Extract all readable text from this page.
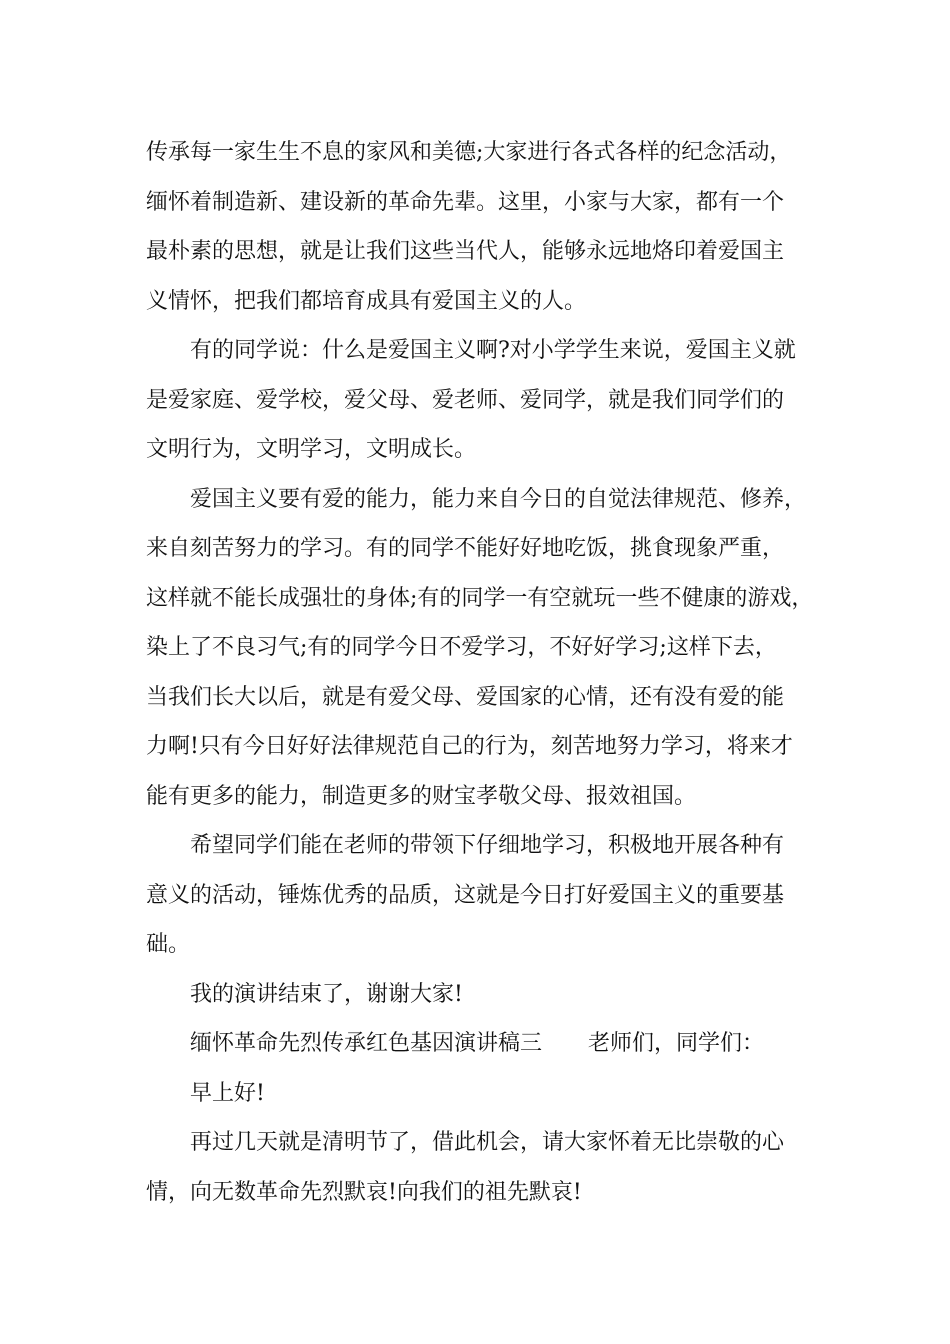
传承每一家生生不息的家风和美德;大家进行各式各样的纪念活动，
缅怀着制造新、建设新的革命先辈。这里，小家与大家，都有一个
最朴素的思想，就是让我们这些当代人，能够永远地烙印着爱国主
义情怀，把我们都培育成具有爱国主义的人。
有的同学说：什么是爱国主义啊?对小学学生来说，爱国主义就
是爱家庭、爱学校，爱父母、爱老师、爱同学，就是我们同学们的
文明行为，文明学习，文明成长。
爱国主义要有爱的能力，能力来自今日的自觉法律规范、修养，
来自刻苦努力的学习。有的同学不能好好地吃饭，挑食现象严重，
这样就不能长成强壮的身体;有的同学一有空就玩一些不健康的游戏，
染上了不良习气;有的同学今日不爱学习，不好好学习;这样下去，
当我们长大以后，就是有爱父母、爱国家的心情，还有没有爱的能
力啊!只有今日好好法律规范自己的行为，刻苦地努力学习，将来才
能有更多的能力，制造更多的财宝孝敬父母、报效祖国。
希望同学们能在老师的带领下仔细地学习，积极地开展各种有
意义的活动，锤炼优秀的品质，这就是今日打好爱国主义的重要基
础。
我的演讲结束了，谢谢大家!
缅怀革命先烈传承红色基因演讲稿三 老师们，同学们：
早上好!
再过几天就是清明节了，借此机会，请大家怀着无比崇敬的心
情，向无数革命先烈默哀!向我们的祖先默哀!
